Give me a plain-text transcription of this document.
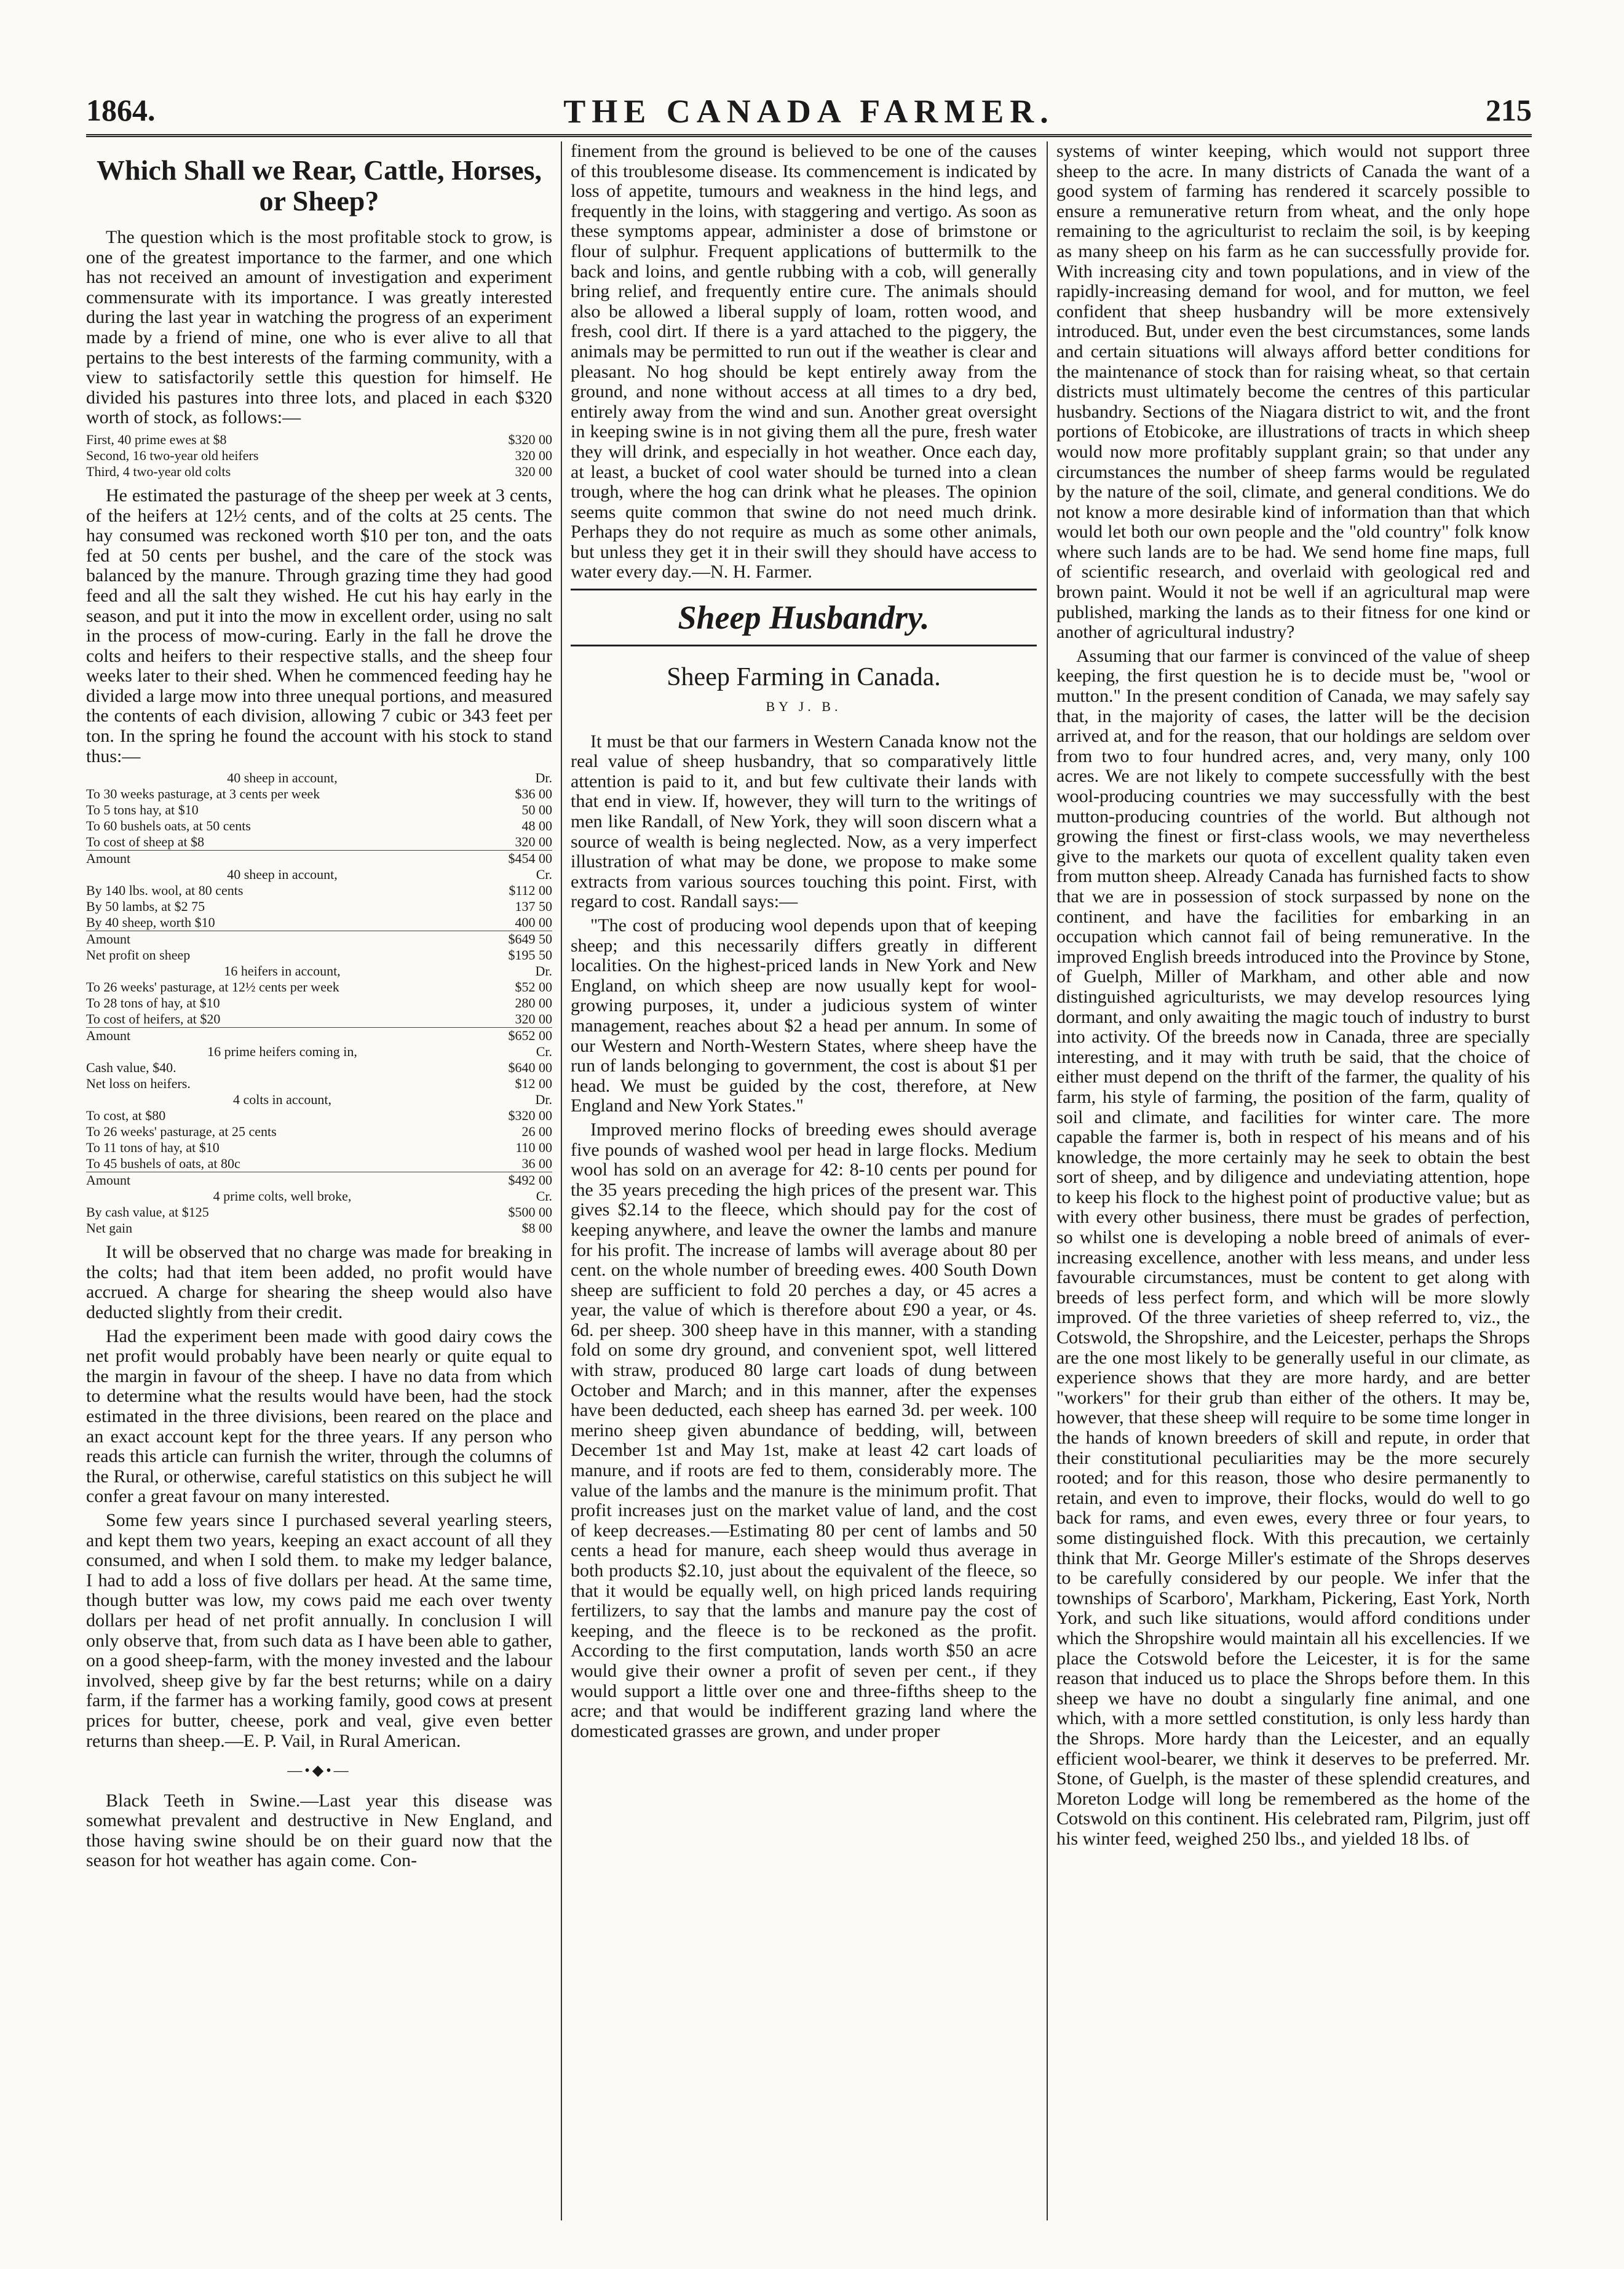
1864.	THE CANADA FARMER.	215
Which Shall we Rear, Cattle, Horses, or Sheep?

The question which is the most profitable stock to grow, is one of the greatest importance to the farmer, and one which has not received an amount of investigation and experiment commensurate with its importance. I was greatly interested during the last year in watching the progress of an experiment made by a friend of mine, one who is ever alive to all that pertains to the best interests of the farming community, with a view to satisfactorily settle this question for himself. He divided his pastures into three lots, and placed in each $320 worth of stock, as follows:—

First, 40 prime ewes at $8	$320 00
Second, 16 two-year old heifers	320 00
Third, 4 two-year old colts	320 00

He estimated the pasturage of the sheep per week at 3 cents, of the heifers at 12½ cents, and of the colts at 25 cents. The hay consumed was reckoned worth $10 per ton, and the oats fed at 50 cents per bushel, and the care of the stock was balanced by the manure. Through grazing time they had good feed and all the salt they wished. He cut his hay early in the season, and put it into the mow in excellent order, using no salt in the process of mow-curing. Early in the fall he drove the colts and heifers to their respective stalls, and the sheep four weeks later to their shed. When he commenced feeding hay he divided a large mow into three unequal portions, and measured the contents of each division, allowing 7 cubic or 343 feet per ton. In the spring he found the account with his stock to stand thus:—

40 sheep in account,	Dr.
To 30 weeks pasturage, at 3 cents per week	$36 00
To 5 tons hay, at $10	50 00
To 60 bushels oats, at 50 cents	48 00
To cost of sheep at $8	320 00
Amount	$454 00
40 sheep in account,	Cr.
By 140 lbs. wool, at 80 cents	$112 00
By 50 lambs, at $2 75	137 50
By 40 sheep, worth $10	400 00
Amount	$649 50
Net profit on sheep	$195 50
16 heifers in account,	Dr.
To 26 weeks' pasturage, at 12½ cents per week	$52 00
To 28 tons of hay, at $10	280 00
To cost of heifers, at $20	320 00
Amount	$652 00
16 prime heifers coming in,	Cr.
Cash value, $40.	$640 00
Net loss on heifers.	$12 00
4 colts in account,	Dr.
To cost, at $80	$320 00
To 26 weeks' pasturage, at 25 cents	26 00
To 11 tons of hay, at $10	110 00
To 45 bushels of oats, at 80c	36 00
Amount	$492 00
4 prime colts, well broke,	Cr.
By cash value, at $125	$500 00
Net gain	$8 00

It will be observed that no charge was made for breaking in the colts; had that item been added, no profit would have accrued. A charge for shearing the sheep would also have deducted slightly from their credit.

Had the experiment been made with good dairy cows the net profit would probably have been nearly or quite equal to the margin in favour of the sheep. I have no data from which to determine what the results would have been, had the stock estimated in the three divisions, been reared on the place and an exact account kept for the three years. If any person who reads this article can furnish the writer, through the columns of the Rural, or otherwise, careful statistics on this subject he will confer a great favour on many interested.

Some few years since I purchased several yearling steers, and kept them two years, keeping an exact account of all they consumed, and when I sold them. to make my ledger balance, I had to add a loss of five dollars per head. At the same time, though butter was low, my cows paid me each over twenty dollars per head of net profit annually. In conclusion I will only observe that, from such data as I have been able to gather, on a good sheep-farm, with the money invested and the labour involved, sheep give by far the best returns; while on a dairy farm, if the farmer has a working family, good cows at present prices for butter, cheese, pork and veal, give even better returns than sheep.—E. P. Vail, in Rural American.

—•◆•—

Black Teeth in Swine.—Last year this disease was somewhat prevalent and destructive in New England, and those having swine should be on their guard now that the season for hot weather has again come. Con-

finement from the ground is believed to be one of the causes of this troublesome disease. Its commencement is indicated by loss of appetite, tumours and weakness in the hind legs, and frequently in the loins, with staggering and vertigo. As soon as these symptoms appear, administer a dose of brimstone or flour of sulphur. Frequent applications of buttermilk to the back and loins, and gentle rubbing with a cob, will generally bring relief, and frequently entire cure. The animals should also be allowed a liberal supply of loam, rotten wood, and fresh, cool dirt. If there is a yard attached to the piggery, the animals may be permitted to run out if the weather is clear and pleasant. No hog should be kept entirely away from the ground, and none without access at all times to a dry bed, entirely away from the wind and sun. Another great oversight in keeping swine is in not giving them all the pure, fresh water they will drink, and especially in hot weather. Once each day, at least, a bucket of cool water should be turned into a clean trough, where the hog can drink what he pleases. The opinion seems quite common that swine do not need much drink. Perhaps they do not require as much as some other animals, but unless they get it in their swill they should have access to water every day.—N. H. Farmer.

Sheep Husbandry.
Sheep Farming in Canada.
BY J. B.

It must be that our farmers in Western Canada know not the real value of sheep husbandry, that so comparatively little attention is paid to it, and but few cultivate their lands with that end in view. If, however, they will turn to the writings of men like Randall, of New York, they will soon discern what a source of wealth is being neglected. Now, as a very imperfect illustration of what may be done, we propose to make some extracts from various sources touching this point. First, with regard to cost. Randall says:—

"The cost of producing wool depends upon that of keeping sheep; and this necessarily differs greatly in different localities. On the highest-priced lands in New York and New England, on which sheep are now usually kept for wool-growing purposes, it, under a judicious system of winter management, reaches about $2 a head per annum. In some of our Western and North-Western States, where sheep have the run of lands belonging to government, the cost is about $1 per head. We must be guided by the cost, therefore, at New England and New York States."

Improved merino flocks of breeding ewes should average five pounds of washed wool per head in large flocks. Medium wool has sold on an average for 42: 8-10 cents per pound for the 35 years preceding the high prices of the present war. This gives $2.14 to the fleece, which should pay for the cost of keeping anywhere, and leave the owner the lambs and manure for his profit. The increase of lambs will average about 80 per cent. on the whole number of breeding ewes. 400 South Down sheep are sufficient to fold 20 perches a day, or 45 acres a year, the value of which is therefore about £90 a year, or 4s. 6d. per sheep. 300 sheep have in this manner, with a standing fold on some dry ground, and convenient spot, well littered with straw, produced 80 large cart loads of dung between October and March; and in this manner, after the expenses have been deducted, each sheep has earned 3d. per week. 100 merino sheep given abundance of bedding, will, between December 1st and May 1st, make at least 42 cart loads of manure, and if roots are fed to them, considerably more. The value of the lambs and the manure is the minimum profit. That profit increases just on the market value of land, and the cost of keep decreases.—Estimating 80 per cent of lambs and 50 cents a head for manure, each sheep would thus average in both products $2.10, just about the equivalent of the fleece, so that it would be equally well, on high priced lands requiring fertilizers, to say that the lambs and manure pay the cost of keeping, and the fleece is to be reckoned as the profit. According to the first computation, lands worth $50 an acre would give their owner a profit of seven per cent., if they would support a little over one and three-fifths sheep to the acre; and that would be indifferent grazing land where the domesticated grasses are grown, and under proper

systems of winter keeping, which would not support three sheep to the acre. In many districts of Canada the want of a good system of farming has rendered it scarcely possible to ensure a remunerative return from wheat, and the only hope remaining to the agriculturist to reclaim the soil, is by keeping as many sheep on his farm as he can successfully provide for. With increasing city and town populations, and in view of the rapidly-increasing demand for wool, and for mutton, we feel confident that sheep husbandry will be more extensively introduced. But, under even the best circumstances, some lands and certain situations will always afford better conditions for the maintenance of stock than for raising wheat, so that certain districts must ultimately become the centres of this particular husbandry. Sections of the Niagara district to wit, and the front portions of Etobicoke, are illustrations of tracts in which sheep would now more profitably supplant grain; so that under any circumstances the number of sheep farms would be regulated by the nature of the soil, climate, and general conditions. We do not know a more desirable kind of information than that which would let both our own people and the "old country" folk know where such lands are to be had. We send home fine maps, full of scientific research, and overlaid with geological red and brown paint. Would it not be well if an agricultural map were published, marking the lands as to their fitness for one kind or another of agricultural industry?

Assuming that our farmer is convinced of the value of sheep keeping, the first question he is to decide must be, "wool or mutton." In the present condition of Canada, we may safely say that, in the majority of cases, the latter will be the decision arrived at, and for the reason, that our holdings are seldom over from two to four hundred acres, and, very many, only 100 acres. We are not likely to compete successfully with the best wool-producing countries we may successfully with the best mutton-producing countries of the world. But although not growing the finest or first-class wools, we may nevertheless give to the markets our quota of excellent quality taken even from mutton sheep. Already Canada has furnished facts to show that we are in possession of stock surpassed by none on the continent, and have the facilities for embarking in an occupation which cannot fail of being remunerative. In the improved English breeds introduced into the Province by Stone, of Guelph, Miller of Markham, and other able and now distinguished agriculturists, we may develop resources lying dormant, and only awaiting the magic touch of industry to burst into activity. Of the breeds now in Canada, three are specially interesting, and it may with truth be said, that the choice of either must depend on the thrift of the farmer, the quality of his farm, his style of farming, the position of the farm, quality of soil and climate, and facilities for winter care. The more capable the farmer is, both in respect of his means and of his knowledge, the more certainly may he seek to obtain the best sort of sheep, and by diligence and undeviating attention, hope to keep his flock to the highest point of productive value; but as with every other business, there must be grades of perfection, so whilst one is developing a noble breed of animals of ever-increasing excellence, another with less means, and under less favourable circumstances, must be content to get along with breeds of less perfect form, and which will be more slowly improved. Of the three varieties of sheep referred to, viz., the Cotswold, the Shropshire, and the Leicester, perhaps the Shrops are the one most likely to be generally useful in our climate, as experience shows that they are more hardy, and are better "workers" for their grub than either of the others. It may be, however, that these sheep will require to be some time longer in the hands of known breeders of skill and repute, in order that their constitutional peculiarities may be the more securely rooted; and for this reason, those who desire permanently to retain, and even to improve, their flocks, would do well to go back for rams, and even ewes, every three or four years, to some distinguished flock. With this precaution, we certainly think that Mr. George Miller's estimate of the Shrops deserves to be carefully considered by our people. We infer that the townships of Scarboro', Markham, Pickering, East York, North York, and such like situations, would afford conditions under which the Shropshire would maintain all his excellencies. If we place the Cotswold before the Leicester, it is for the same reason that induced us to place the Shrops before them. In this sheep we have no doubt a singularly fine animal, and one which, with a more settled constitution, is only less hardy than the Shrops. More hardy than the Leicester, and an equally efficient wool-bearer, we think it deserves to be preferred. Mr. Stone, of Guelph, is the master of these splendid creatures, and Moreton Lodge will long be remembered as the home of the Cotswold on this continent. His celebrated ram, Pilgrim, just off his winter feed, weighed 250 lbs., and yielded 18 lbs. of
